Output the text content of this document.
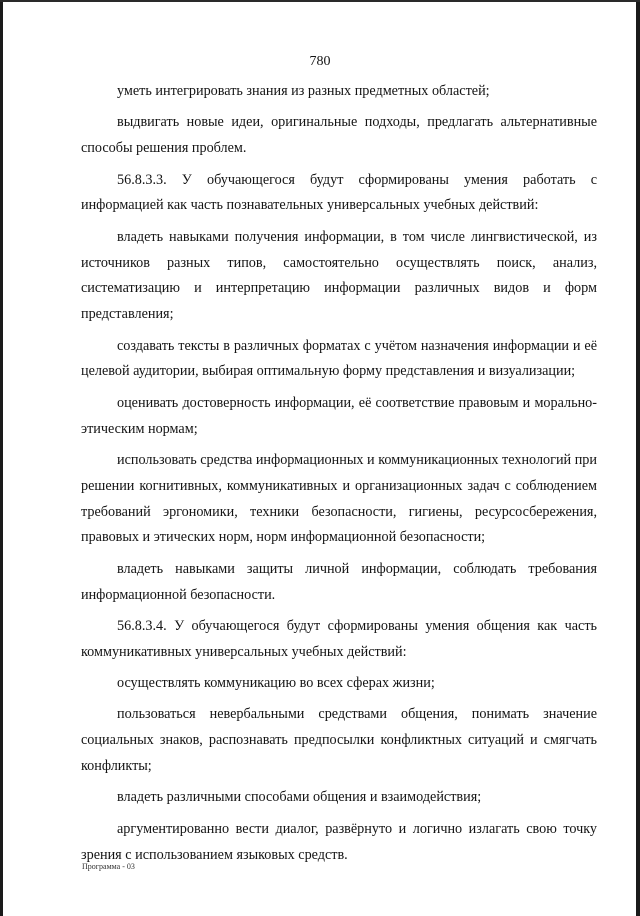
780

уметь интегрировать знания из разных предметных областей;

выдвигать новые идеи, оригинальные подходы, предлагать альтернативные способы решения проблем.

56.8.3.3. У обучающегося будут сформированы умения работать с информацией как часть познавательных универсальных учебных действий:

владеть навыками получения информации, в том числе лингвистической, из источников разных типов, самостоятельно осуществлять поиск, анализ, систематизацию и интерпретацию информации различных видов и форм представления;

создавать тексты в различных форматах с учётом назначения информации и её целевой аудитории, выбирая оптимальную форму представления и визуализации;

оценивать достоверность информации, её соответствие правовым и морально-этическим нормам;

использовать средства информационных и коммуникационных технологий при решении когнитивных, коммуникативных и организационных задач с соблюдением требований эргономики, техники безопасности, гигиены, ресурсосбережения, правовых и этических норм, норм информационной безопасности;

владеть навыками защиты личной информации, соблюдать требования информационной безопасности.

56.8.3.4. У обучающегося будут сформированы умения общения как часть коммуникативных универсальных учебных действий:

осуществлять коммуникацию во всех сферах жизни;

пользоваться невербальными средствами общения, понимать значение социальных знаков, распознавать предпосылки конфликтных ситуаций и смягчать конфликты;

владеть различными способами общения и взаимодействия;

аргументированно вести диалог, развёрнуто и логично излагать свою точку зрения с использованием языковых средств.

Программа - 03
